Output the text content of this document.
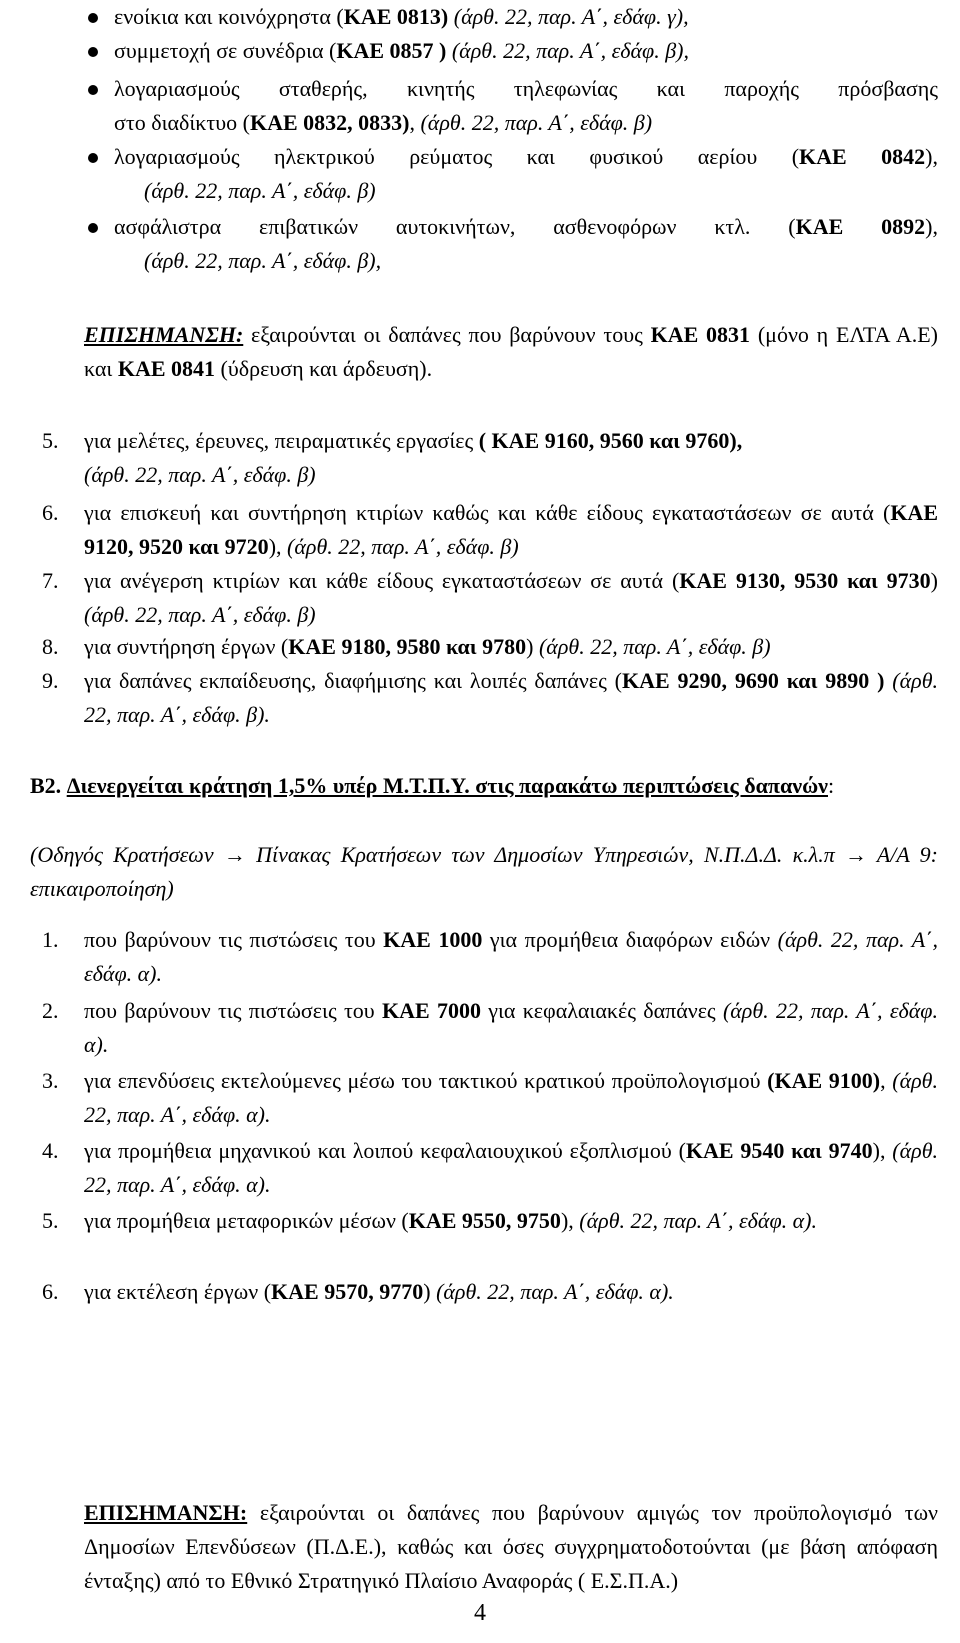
ενοίκια και κοινόχρηστα (ΚΑΕ 0813) (άρθ. 22, παρ. Α΄, εδάφ. γ),
συμμετοχή σε συνέδρια (ΚΑΕ 0857 ) (άρθ. 22, παρ. Α΄, εδάφ. β),
λογαριασμούς σταθερής, κινητής τηλεφωνίας και παροχής πρόσβασης
στο διαδίκτυο (ΚΑΕ 0832, 0833), (άρθ. 22, παρ. Α΄, εδάφ. β)
λογαριασμούς ηλεκτρικού ρεύματος και φυσικού αερίου (ΚΑΕ 0842),
(άρθ. 22, παρ. Α΄, εδάφ. β)
ασφάλιστρα επιβατικών αυτοκινήτων, ασθενοφόρων κτλ. (ΚΑΕ 0892),
(άρθ. 22, παρ. Α΄, εδάφ. β),
ΕΠΙΣΗΜΑΝΣΗ: εξαιρούνται οι δαπάνες που βαρύνουν τους ΚΑΕ 0831 (μόνο η ΕΛΤΑ Α.Ε) και ΚΑΕ 0841 (ύδρευση και άρδευση).
5.	για μελέτες, έρευνες, πειραματικές εργασίες ( ΚΑΕ 9160, 9560 και 9760),
(άρθ. 22, παρ. Α΄, εδάφ. β)
6.	για επισκευή και συντήρηση κτιρίων καθώς και κάθε είδους εγκαταστάσεων σε αυτά (ΚΑΕ 9120, 9520 και 9720), (άρθ. 22, παρ. Α΄, εδάφ. β)
7.	για ανέγερση κτιρίων και κάθε είδους εγκαταστάσεων σε αυτά (ΚΑΕ 9130, 9530 και 9730) (άρθ. 22, παρ. Α΄, εδάφ. β)
8.	για συντήρηση έργων (ΚΑΕ 9180, 9580 και 9780) (άρθ. 22, παρ. Α΄, εδάφ. β)
9.	για δαπάνες εκπαίδευσης, διαφήμισης και λοιπές δαπάνες (ΚΑΕ 9290, 9690 και 9890 ) (άρθ. 22, παρ. Α΄, εδάφ. β).
Β2. Διενεργείται κράτηση 1,5% υπέρ Μ.Τ.Π.Υ. στις παρακάτω περιπτώσεις δαπανών:
(Οδηγός Κρατήσεων → Πίνακας Κρατήσεων των Δημοσίων Υπηρεσιών, Ν.Π.Δ.Δ. κ.λ.π → Α/Α 9: επικαιροποίηση)
1.	που βαρύνουν τις πιστώσεις του ΚΑΕ 1000 για προμήθεια διαφόρων ειδών (άρθ. 22, παρ. Α΄, εδάφ. α).
2.	που βαρύνουν τις πιστώσεις του ΚΑΕ 7000 για κεφαλαιακές δαπάνες (άρθ. 22, παρ. Α΄, εδάφ. α).
3.	για επενδύσεις εκτελούμενες μέσω του τακτικού κρατικού προϋπολογισμού (ΚΑΕ 9100), (άρθ. 22, παρ. Α΄, εδάφ. α).
4.	για προμήθεια μηχανικού και λοιπού κεφαλαιουχικού εξοπλισμού (ΚΑΕ 9540 και 9740), (άρθ. 22, παρ. Α΄, εδάφ. α).
5.	για προμήθεια μεταφορικών μέσων (ΚΑΕ 9550, 9750), (άρθ. 22, παρ. Α΄, εδάφ. α).
6.	για εκτέλεση έργων (ΚΑΕ 9570, 9770) (άρθ. 22, παρ. Α΄, εδάφ. α).
ΕΠΙΣΗΜΑΝΣΗ: εξαιρούνται οι δαπάνες που βαρύνουν αμιγώς τον προϋπολογισμό των Δημοσίων Επενδύσεων (Π.Δ.Ε.), καθώς και όσες συγχρηματοδοτούνται (με βάση απόφαση ένταξης) από το Εθνικό Στρατηγικό Πλαίσιο Αναφοράς ( Ε.Σ.Π.Α.)
4
